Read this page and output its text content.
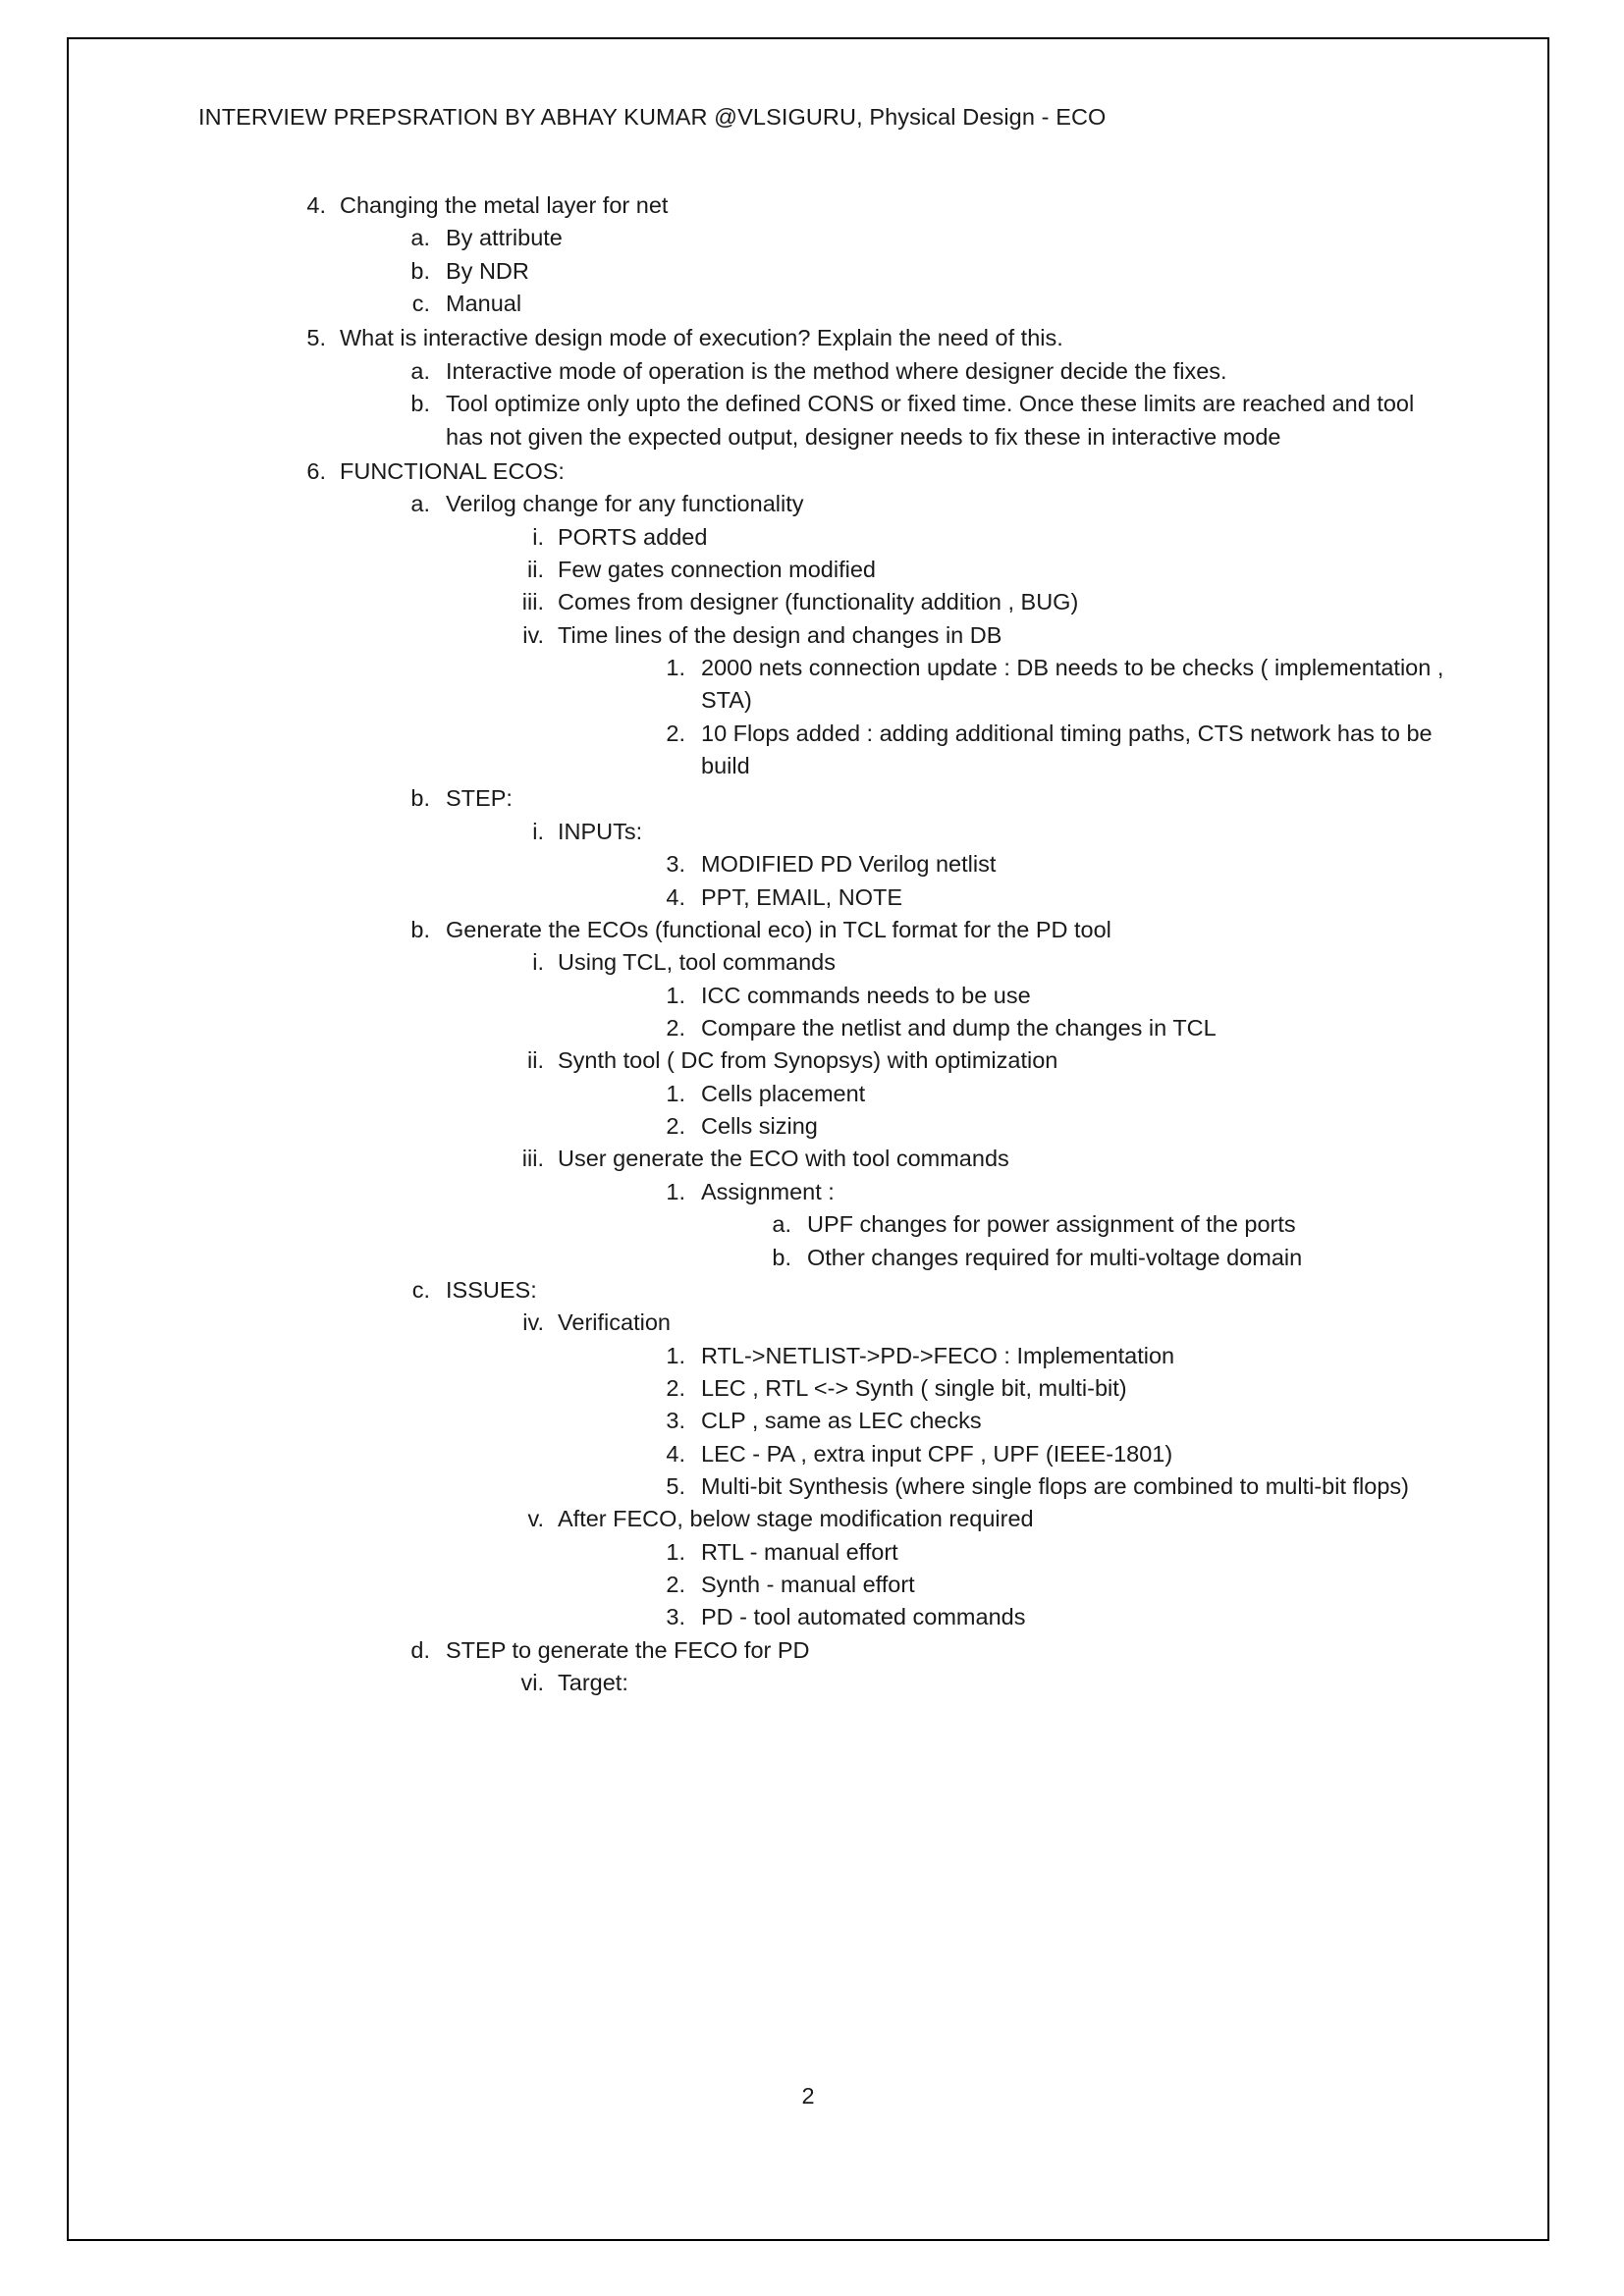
INTERVIEW PREPSRATION BY ABHAY KUMAR @VLSIGURU, Physical Design - ECO
4. Changing the metal layer for net
a. By attribute
b. By NDR
c. Manual
5. What is interactive design mode of execution? Explain the need of this.
a. Interactive mode of operation is the method where designer decide the fixes.
b. Tool optimize only upto the defined CONS or fixed time. Once these limits are reached and tool has not given the expected output, designer needs to fix these in interactive mode
6. FUNCTIONAL ECOS:
a. Verilog change for any functionality
i. PORTS added
ii. Few gates connection modified
iii. Comes from designer (functionality addition , BUG)
iv. Time lines of the design and changes in DB
1. 2000 nets connection update : DB needs to be checks ( implementation , STA)
2. 10 Flops added : adding additional timing paths, CTS network has to be build
b. STEP:
i. INPUTs:
3. MODIFIED PD Verilog netlist
4. PPT, EMAIL, NOTE
b. Generate the ECOs (functional eco) in TCL format for the PD tool
i. Using TCL, tool commands
1. ICC commands needs to be use
2. Compare the netlist and dump the changes in TCL
ii. Synth tool ( DC from Synopsys) with optimization
1. Cells placement
2. Cells sizing
iii. User generate the ECO with tool commands
1. Assignment :
a. UPF changes for power assignment of the ports
b. Other changes required for multi-voltage domain
c. ISSUES:
iv. Verification
1. RTL->NETLIST->PD->FECO : Implementation
2. LEC , RTL <-> Synth ( single bit, multi-bit)
3. CLP , same as LEC checks
4. LEC - PA , extra input CPF , UPF (IEEE-1801)
5. Multi-bit Synthesis (where single flops are combined to multi-bit flops)
v. After FECO, below stage modification required
1. RTL - manual effort
2. Synth - manual effort
3. PD - tool automated commands
d. STEP to generate the FECO for PD
vi. Target:
2
